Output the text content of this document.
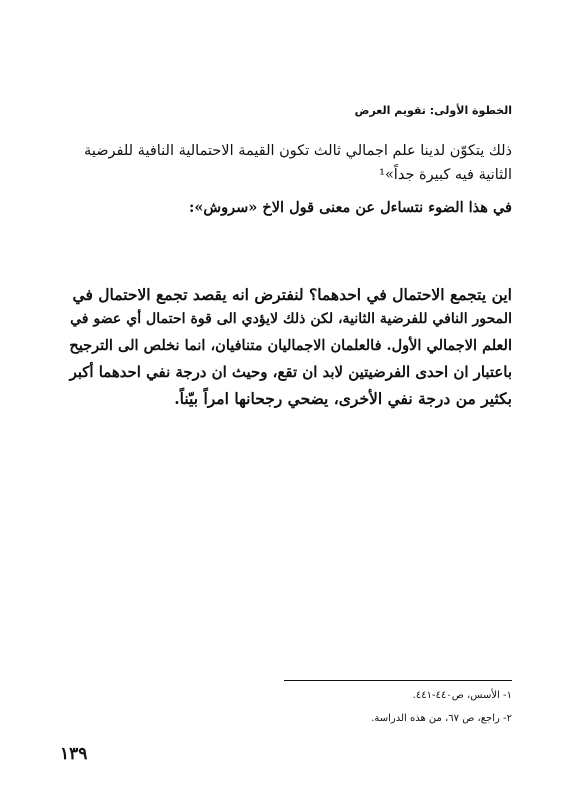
الخطوة الأولى: تقويم العرض
ذلك يتكوّن لدينا علم اجمالي ثالث تكون القيمة الاحتمالية النافية للفرضية
الثانية فيه كبيرة جداً»¹
في هذا الضوء نتساءل عن معنى قول الاخ «سروش»:
اين يتجمع الاحتمال في احدهما؟ لنفترض انه يقصد تجمع الاحتمال في
المحور النافي للفرضية الثانية، لكن ذلك لايؤدي الى قوة احتمال أي عضو في
العلم الاجمالي الأول. فالعلمان الاجماليان متنافيان، انما نخلص الى الترجيح
باعتبار ان احدى الفرضيتين لابد ان تقع، وحيث ان درجة نفي احدهما أكبر
بكثير من درجة نفي الأخرى، يضحي رجحانها امراً بيّناً.
١- الأسس، ص٤٤٠-٤٤١.
٢- راجع، ص ٦٧، من هذه الدراسة.
١٣٩
